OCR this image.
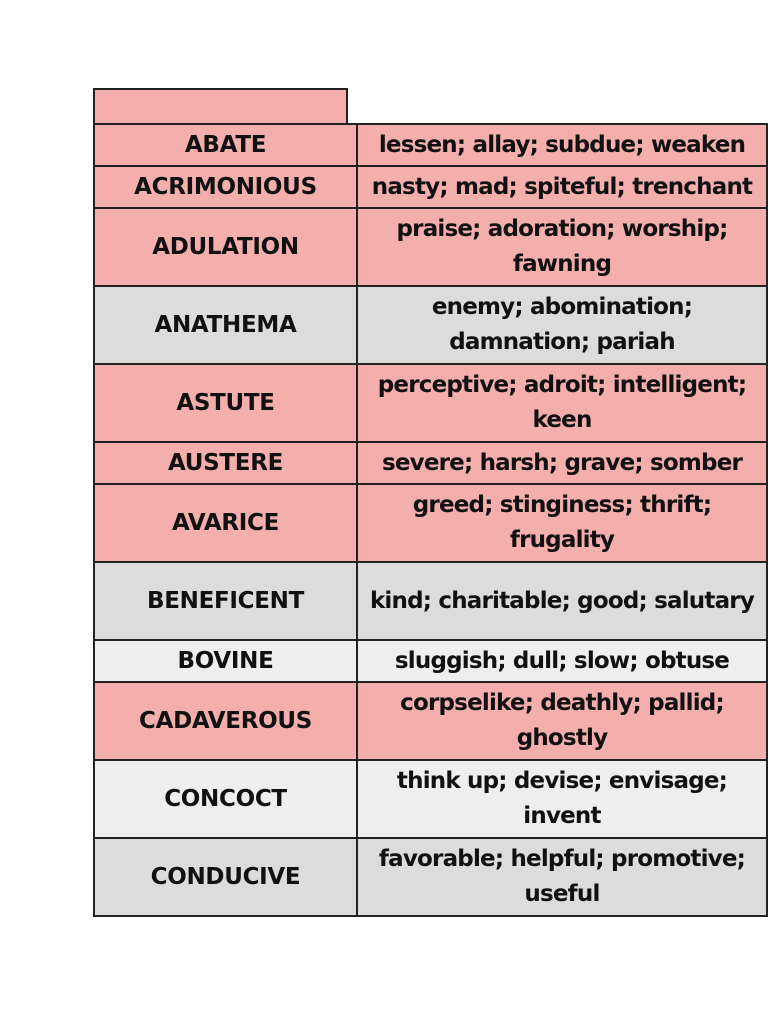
ABATE	lessen; allay; subdue; weaken
ACRIMONIOUS	nasty; mad; spiteful; trenchant
ADULATION	praise; adoration; worship; fawning
ANATHEMA	enemy; abomination; damnation; pariah
ASTUTE	perceptive; adroit; intelligent; keen
AUSTERE	severe; harsh; grave; somber
AVARICE	greed; stinginess; thrift; frugality
BENEFICENT	kind; charitable; good; salutary
BOVINE	sluggish; dull; slow; obtuse
CADAVEROUS	corpselike; deathly; pallid; ghostly
CONCOCT	think up; devise; envisage; invent
CONDUCIVE	favorable; helpful; promotive; useful
